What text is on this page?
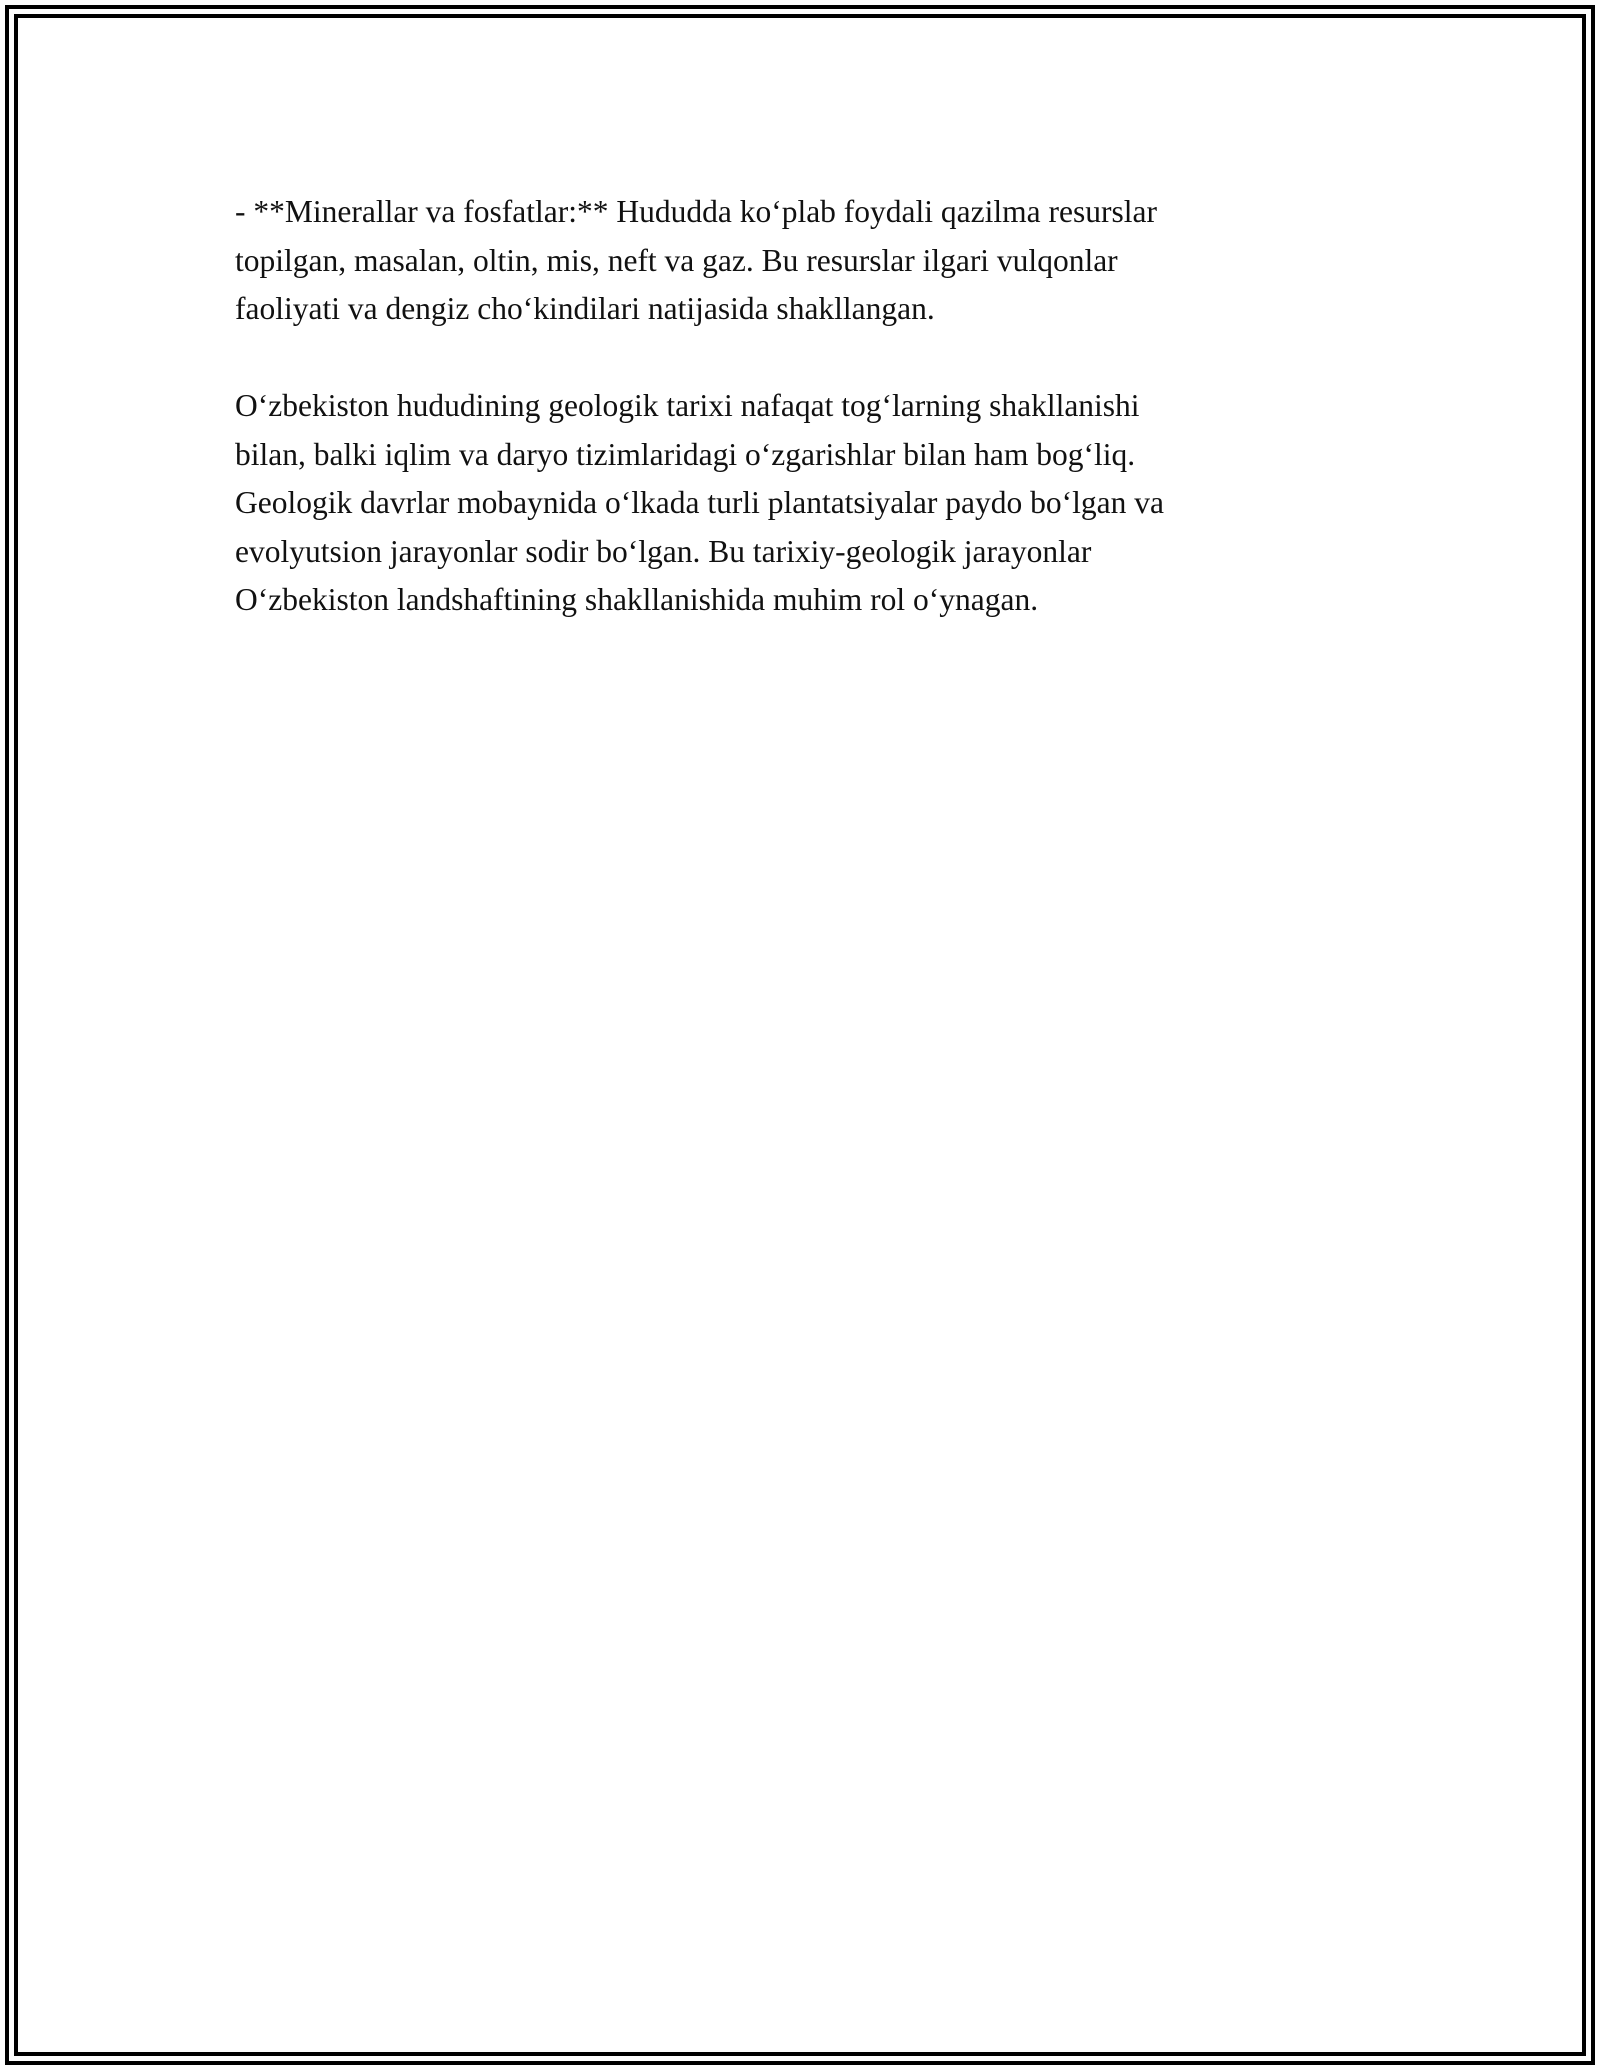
- **Minerallar va fosfatlar:** Hududda koʻplab foydali qazilma resurslar
topilgan, masalan, oltin, mis, neft va gaz. Bu resurslar ilgari vulqonlar
faoliyati va dengiz choʻkindilari natijasida shakllangan.

Oʻzbekiston hududining geologik tarixi nafaqat togʻlarning shakllanishi
bilan, balki iqlim va daryo tizimlaridagi oʻzgarishlar bilan ham bogʻliq.
Geologik davrlar mobaynida oʻlkada turli plantatsiyalar paydo boʻlgan va
evolyutsion jarayonlar sodir boʻlgan. Bu tarixiy-geologik jarayonlar
Oʻzbekiston landshaftining shakllanishida muhim rol oʻynagan.
